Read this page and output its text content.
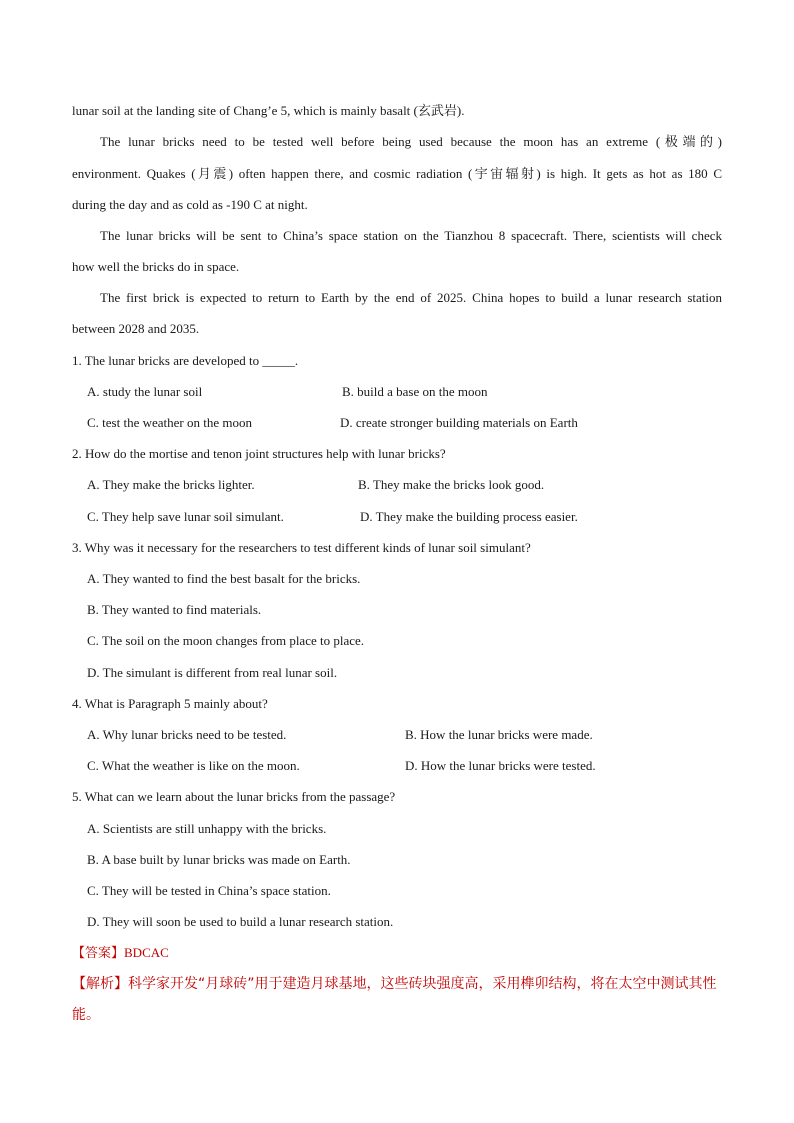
lunar soil at the landing site of Chang’e 5, which is mainly basalt (玄武岩).
The lunar bricks need to be tested well before being used because the moon has an extreme (极端的)
environment. Quakes (月震) often happen there, and cosmic radiation (宇宙辐射) is high. It gets as hot as 180 C
during the day and as cold as -190 C at night.
The lunar bricks will be sent to China’s space station on the Tianzhou 8 spacecraft. There, scientists will check
how well the bricks do in space.
The first brick is expected to return to Earth by the end of 2025. China hopes to build a lunar research station
between 2028 and 2035.
1. The lunar bricks are developed to _____.
A. study the lunar soil	B. build a base on the moon
C. test the weather on the moon	D. create stronger building materials on Earth
2. How do the mortise and tenon joint structures help with lunar bricks?
A. They make the bricks lighter.	B. They make the bricks look good.
C. They help save lunar soil simulant.	D. They make the building process easier.
3. Why was it necessary for the researchers to test different kinds of lunar soil simulant?
A. They wanted to find the best basalt for the bricks.
B. They wanted to find materials.
C. The soil on the moon changes from place to place.
D. The simulant is different from real lunar soil.
4. What is Paragraph 5 mainly about?
A. Why lunar bricks need to be tested.	B. How the lunar bricks were made.
C. What the weather is like on the moon.	D. How the lunar bricks were tested.
5. What can we learn about the lunar bricks from the passage?
A. Scientists are still unhappy with the bricks.
B. A base built by lunar bricks was made on Earth.
C. They will be tested in China’s space station.
D. They will soon be used to build a lunar research station.
【答案】BDCAC
【解析】科学家开发“月球砖”用于建造月球基地，这些砖块强度高，采用榫卯结构，将在太空中测试其性能。
